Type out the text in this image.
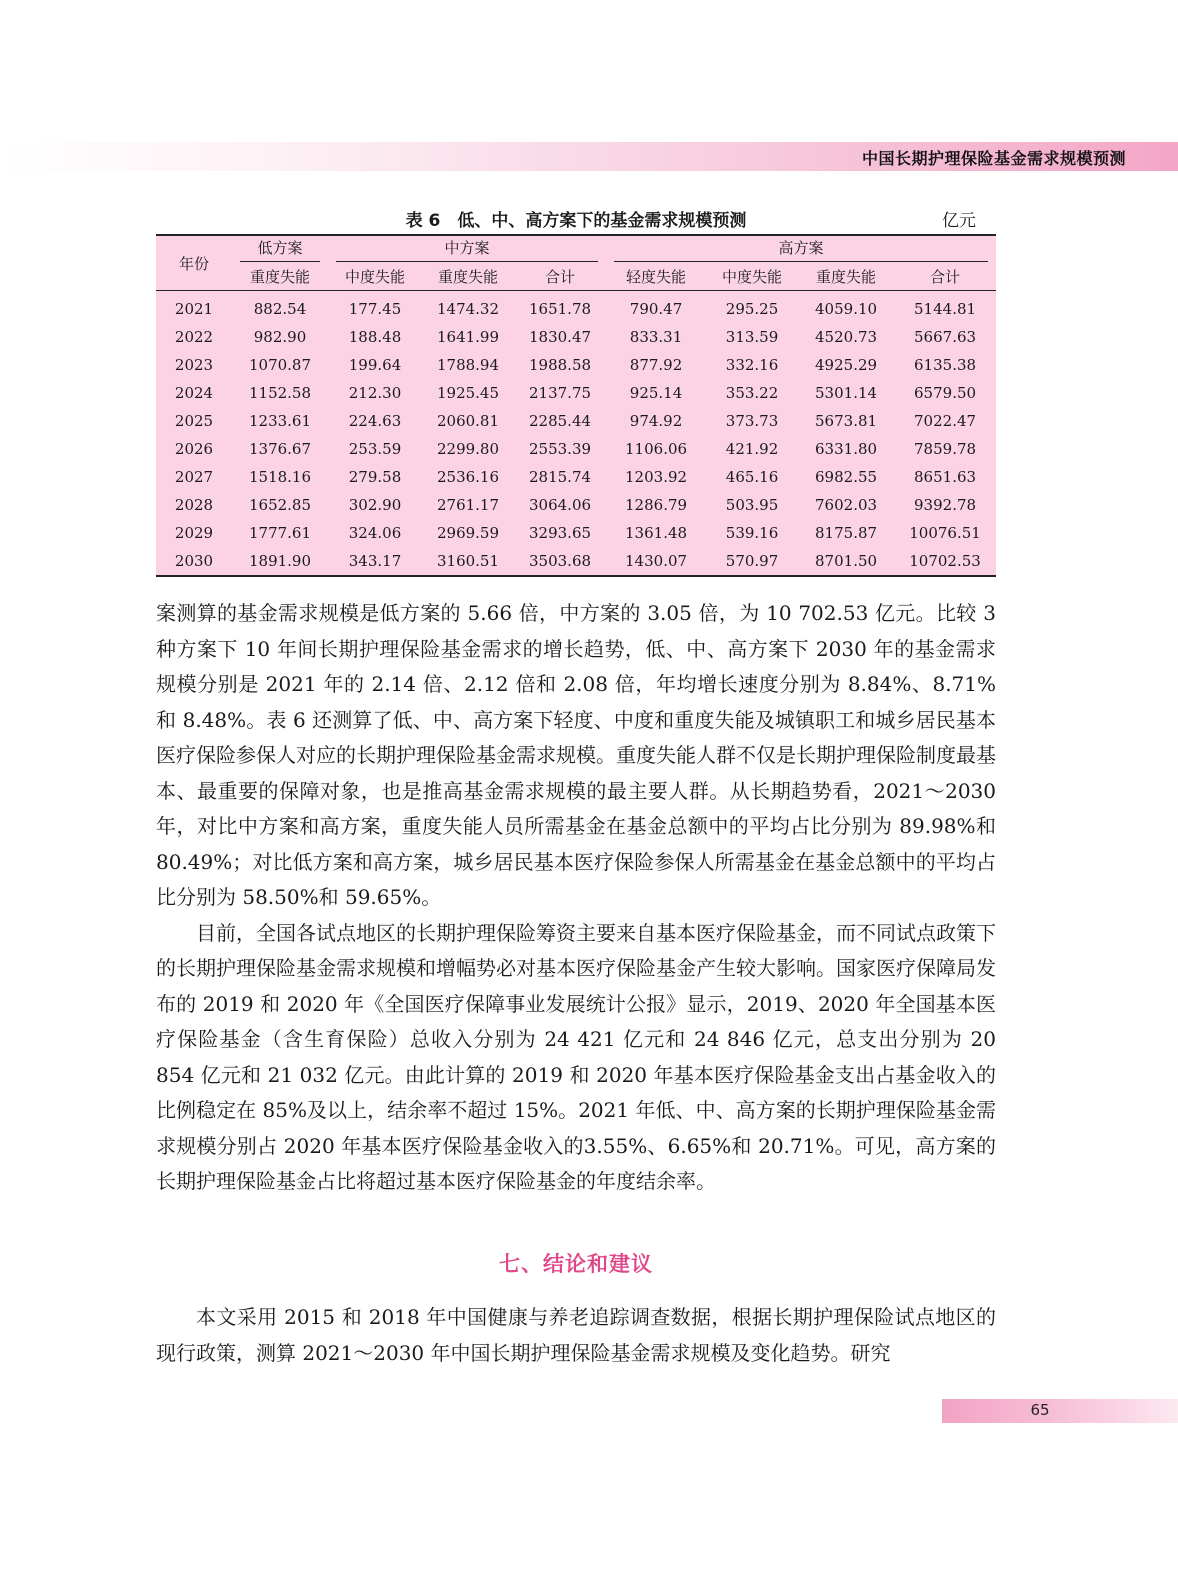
中国长期护理保险基金需求规模预测
表 6　低、中、高方案下的基金需求规模预测	亿元
年份	低方案	中方案			高方案			

	重度失能	中度失能	重度失能	合计	轻度失能	中度失能	重度失能	合计
2021	882.54	177.45	1474.32	1651.78	790.47	295.25	4059.10	5144.81
2022	982.90	188.48	1641.99	1830.47	833.31	313.59	4520.73	5667.63
2023	1070.87	199.64	1788.94	1988.58	877.92	332.16	4925.29	6135.38
2024	1152.58	212.30	1925.45	2137.75	925.14	353.22	5301.14	6579.50
2025	1233.61	224.63	2060.81	2285.44	974.92	373.73	5673.81	7022.47
2026	1376.67	253.59	2299.80	2553.39	1106.06	421.92	6331.80	7859.78
2027	1518.16	279.58	2536.16	2815.74	1203.92	465.16	6982.55	8651.63
2028	1652.85	302.90	2761.17	3064.06	1286.79	503.95	7602.03	9392.78
2029	1777.61	324.06	2969.59	3293.65	1361.48	539.16	8175.87	10076.51
2030	1891.90	343.17	3160.51	3503.68	1430.07	570.97	8701.50	10702.53

案测算的基金需求规模是低方案的 5.66 倍，中方案的 3.05 倍，为 10 702.53 亿元。比较 3 种方案下 10 年间长期护理保险基金需求的增长趋势，低、中、高方案下 2030 年的基金需求规模分别是 2021 年的 2.14 倍、2.12 倍和 2.08 倍，年均增长速度分别为 8.84%、8.71% 和 8.48%。表 6 还测算了低、中、高方案下轻度、中度和重度失能及城镇职工和城乡居民基本医疗保险参保人对应的长期护理保险基金需求规模。重度失能人群不仅是长期护理保险制度最基本、最重要的保障对象，也是推高基金需求规模的最主要人群。从长期趋势看，2021～2030 年，对比中方案和高方案，重度失能人员所需基金在基金总额中的平均占比分别为 89.98%和 80.49%；对比低方案和高方案，城乡居民基本医疗保险参保人所需基金在基金总额中的平均占比分别为 58.50%和 59.65%。

目前，全国各试点地区的长期护理保险筹资主要来自基本医疗保险基金，而不同试点政策下的长期护理保险基金需求规模和增幅势必对基本医疗保险基金产生较大影响。国家医疗保障局发布的 2019 和 2020 年《全国医疗保障事业发展统计公报》显示，2019、2020 年全国基本医疗保险基金（含生育保险）总收入分别为 24 421 亿元和 24 846 亿元，总支出分别为 20 854 亿元和 21 032 亿元。由此计算的 2019 和 2020 年基本医疗保险基金支出占基金收入的比例稳定在 85%及以上，结余率不超过 15%。2021 年低、中、高方案的长期护理保险基金需求规模分别占 2020 年基本医疗保险基金收入的3.55%、6.65%和 20.71%。可见，高方案的长期护理保险基金占比将超过基本医疗保险基金的年度结余率。

七、结论和建议

本文采用 2015 和 2018 年中国健康与养老追踪调查数据，根据长期护理保险试点地区的现行政策，测算 2021～2030 年中国长期护理保险基金需求规模及变化趋势。研究

65
